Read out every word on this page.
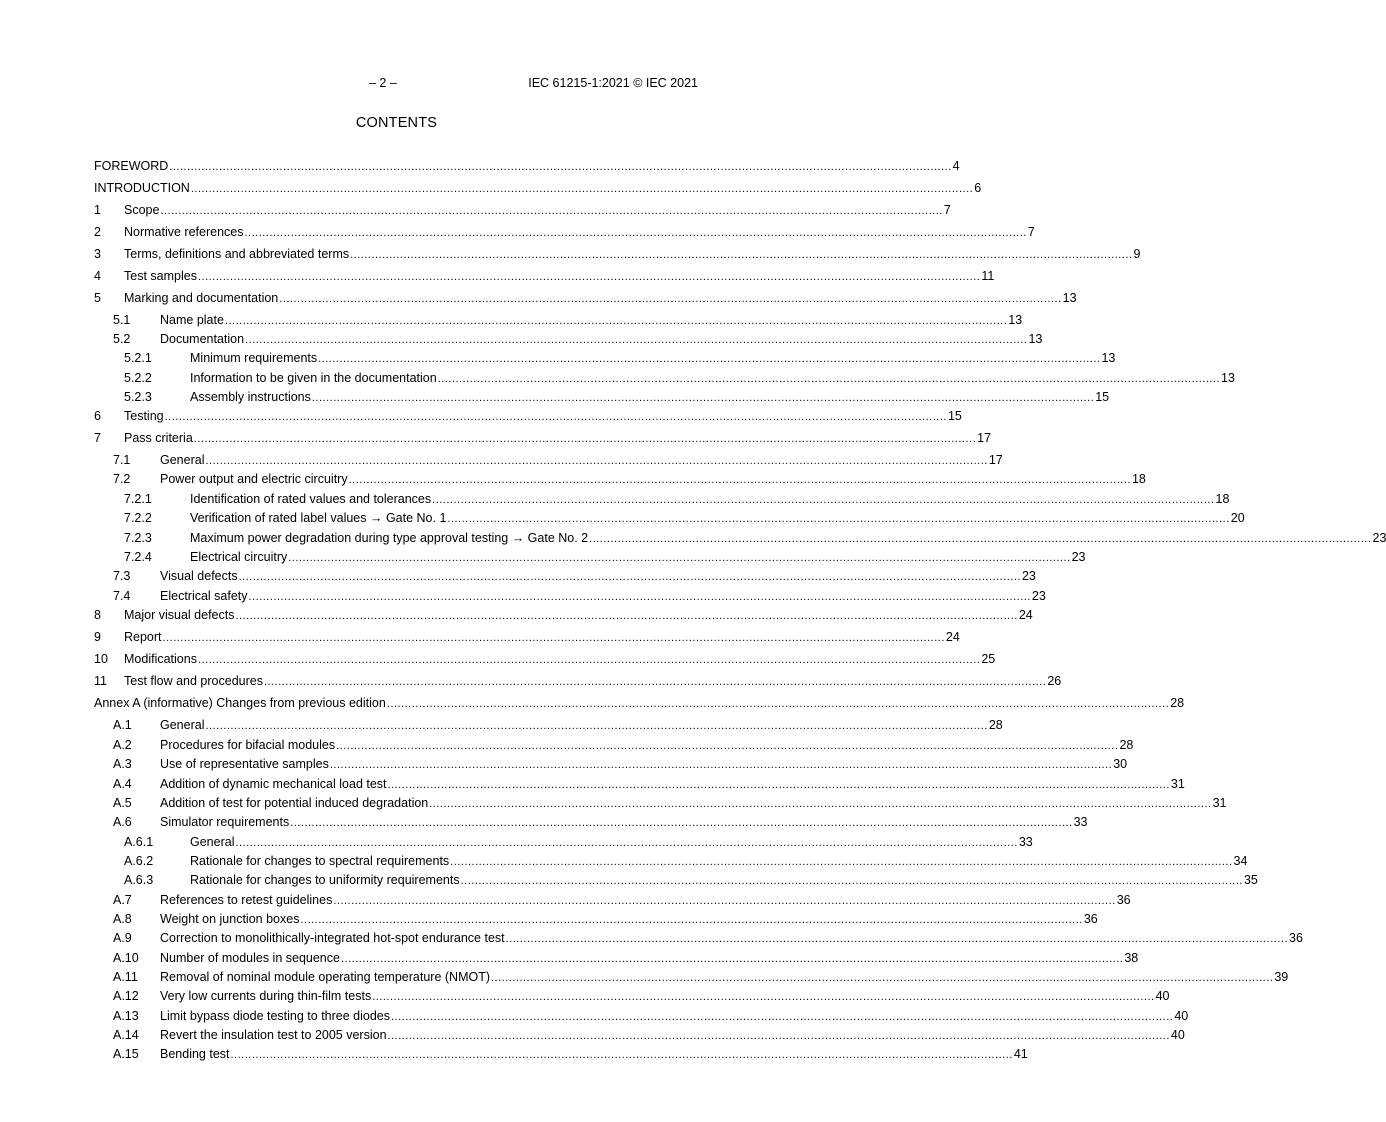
– 2 –	IEC 61215-1:2021 © IEC 2021
CONTENTS
FOREWORD ............................................................................................................................................................................................................................ 4
INTRODUCTION ............................................................................................................................................................................................................................ 6
1 Scope ............................................................................................................................................................................................................................ 7
2 Normative references ............................................................................................................................................................................................................................ 7
3 Terms, definitions and abbreviated terms ............................................................................................................................................................................................................................ 9
4 Test samples ............................................................................................................................................................................................................................ 11
5 Marking and documentation ............................................................................................................................................................................................................................ 13
5.1 Name plate ............................................................................................................................................................................................................................ 13
5.2 Documentation ............................................................................................................................................................................................................................ 13
5.2.1	Minimum requirements ............................................................................................................................................................................................................................ 13
5.2.2	Information to be given in the documentation ............................................................................................................................................................................................................................ 13
5.2.3	Assembly instructions ............................................................................................................................................................................................................................ 15
6 Testing ............................................................................................................................................................................................................................ 15
7 Pass criteria ............................................................................................................................................................................................................................ 17
7.1 General ............................................................................................................................................................................................................................ 17
7.2 Power output and electric circuitry ............................................................................................................................................................................................................................ 18
7.2.1	Identification of rated values and tolerances ............................................................................................................................................................................................................................ 18
7.2.2	Verification of rated label values → Gate No. 1 ............................................................................................................................................................................................................................ 20
7.2.3	Maximum power degradation during type approval testing → Gate No. 2 ............................................................................................................................................................................................................................ 23
7.2.4	Electrical circuitry ............................................................................................................................................................................................................................ 23
7.3 Visual defects ............................................................................................................................................................................................................................ 23
7.4 Electrical safety ............................................................................................................................................................................................................................ 23
8 Major visual defects ............................................................................................................................................................................................................................ 24
9 Report ............................................................................................................................................................................................................................ 24
10 Modifications ............................................................................................................................................................................................................................ 25
11 Test flow and procedures ............................................................................................................................................................................................................................ 26
Annex A (informative) Changes from previous edition ............................................................................................................................................................................................................................ 28
A.1 General ............................................................................................................................................................................................................................ 28
A.2 Procedures for bifacial modules ............................................................................................................................................................................................................................ 28
A.3 Use of representative samples ............................................................................................................................................................................................................................ 30
A.4 Addition of dynamic mechanical load test ............................................................................................................................................................................................................................ 31
A.5 Addition of test for potential induced degradation ............................................................................................................................................................................................................................ 31
A.6 Simulator requirements ............................................................................................................................................................................................................................ 33
A.6.1	General ............................................................................................................................................................................................................................ 33
A.6.2	Rationale for changes to spectral requirements ............................................................................................................................................................................................................................ 34
A.6.3	Rationale for changes to uniformity requirements ............................................................................................................................................................................................................................ 35
A.7 References to retest guidelines ............................................................................................................................................................................................................................ 36
A.8 Weight on junction boxes ............................................................................................................................................................................................................................ 36
A.9 Correction to monolithically-integrated hot-spot endurance test ............................................................................................................................................................................................................................ 36
A.10 Number of modules in sequence ............................................................................................................................................................................................................................ 38
A.11 Removal of nominal module operating temperature (NMOT) ............................................................................................................................................................................................................................ 39
A.12 Very low currents during thin-film tests ............................................................................................................................................................................................................................ 40
A.13 Limit bypass diode testing to three diodes ............................................................................................................................................................................................................................ 40
A.14 Revert the insulation test to 2005 version ............................................................................................................................................................................................................................ 40
A.15 Bending test ............................................................................................................................................................................................................................ 41
